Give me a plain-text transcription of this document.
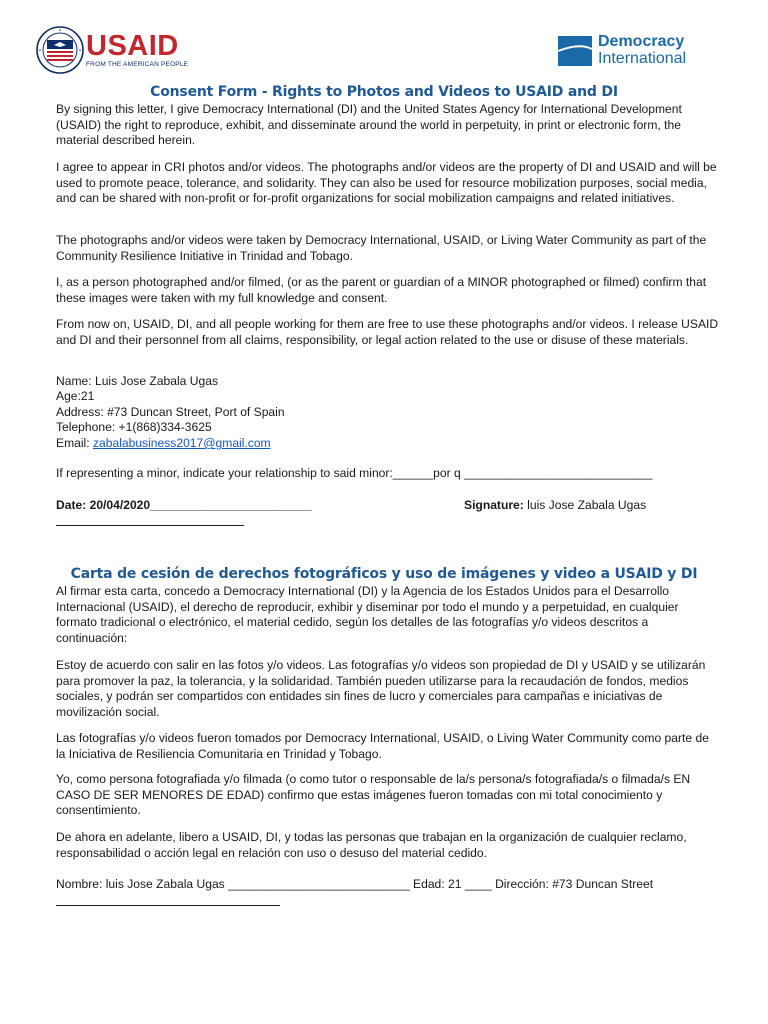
USAID
FROM THE AMERICAN PEOPLE
Democracy
International
Consent Form - Rights to Photos and Videos to USAID and DI

By signing this letter, I give Democracy International (DI) and the United States Agency for International Development (USAID) the right to reproduce, exhibit, and disseminate around the world in perpetuity, in print or electronic form, the material described herein.

I agree to appear in CRI photos and/or videos. The photographs and/or videos are the property of DI and USAID and will be used to promote peace, tolerance, and solidarity. They can also be used for resource mobilization purposes, social media, and can be shared with non-profit or for-profit organizations for social mobilization campaigns and related initiatives.

The photographs and/or videos were taken by Democracy International, USAID, or Living Water Community as part of the Community Resilience Initiative in Trinidad and Tobago.

I, as a person photographed and/or filmed, (or as the parent or guardian of a MINOR photographed or filmed) confirm that these images were taken with my full knowledge and consent.

From now on, USAID, DI, and all people working for them are free to use these photographs and/or videos. I release USAID and DI and their personnel from all claims, responsibility, or legal action related to the use or disuse of these materials.

Name: Luis Jose Zabala Ugas

Age:21

Address: #73 Duncan Street, Port of Spain

Telephone: +1(868)334-3625

Email: zabalabusiness2017@gmail.com

If representing a minor, indicate your relationship to said minor:______por q ____________________________

Date: 20/04/2020________________________	Signature: luis Jose Zabala Ugas

Carta de cesión de derechos fotográficos y uso de imágenes y video a USAID y DI

Al firmar esta carta, concedo a Democracy International (DI) y la Agencia de los Estados Unidos para el Desarrollo Internacional (USAID), el derecho de reproducir, exhibir y diseminar por todo el mundo y a perpetuidad, en cualquier formato tradicional o electrónico, el material cedido, según los detalles de las fotografías y/o videos descritos a continuación:

Estoy de acuerdo con salir en las fotos y/o videos. Las fotografías y/o videos son propiedad de DI y USAID y se utilizarán para promover la paz, la tolerancia, y la solidaridad. También pueden utilizarse para la recaudación de fondos, medios sociales, y podrán ser compartidos con entidades sin fines de lucro y comerciales para campañas e iniciativas de movilización social.

Las fotografías y/o videos fueron tomados por Democracy International, USAID, o Living Water Community como parte de la Iniciativa de Resiliencia Comunitaria en Trinidad y Tobago.

Yo, como persona fotografiada y/o filmada (o como tutor o responsable de la/s persona/s fotografiada/s o filmada/s EN CASO DE SER MENORES DE EDAD) confirmo que estas imágenes fueron tomadas con mi total conocimiento y consentimiento.

De ahora en adelante, libero a USAID, DI, y todas las personas que trabajan en la organización de cualquier reclamo, responsabilidad o acción legal en relación con uso o desuso del material cedido.

Nombre: luis Jose Zabala Ugas ___________________________ Edad: 21 ____ Dirección: #73 Duncan Street
